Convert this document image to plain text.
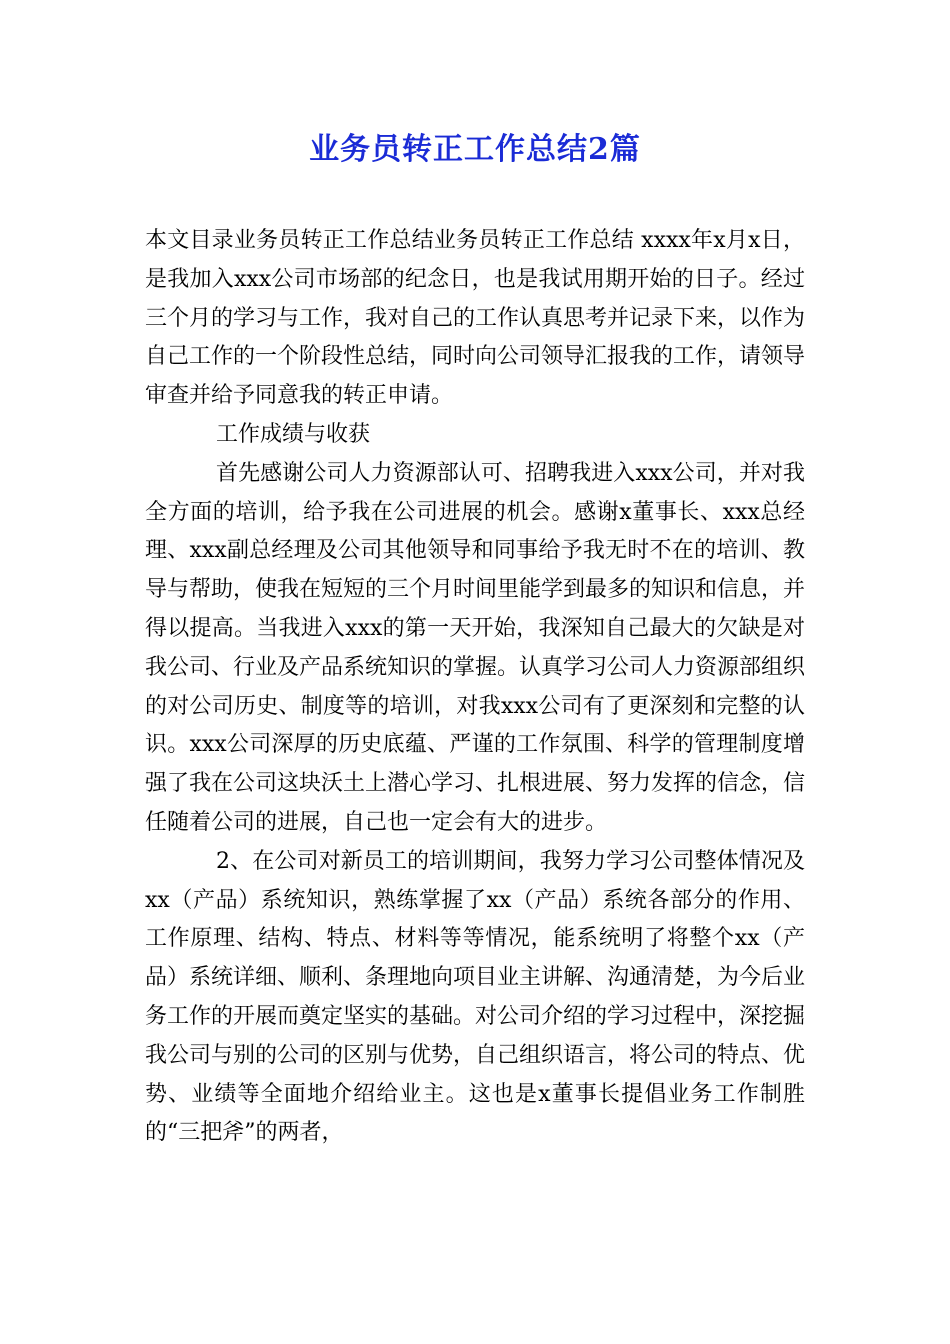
业务员转正工作总结2篇

本文目录业务员转正工作总结业务员转正工作总结 xxxx年x月x日，是我加入xxx公司市场部的纪念日，也是我试用期开始的日子。经过三个月的学习与工作，我对自己的工作认真思考并记录下来，以作为自己工作的一个阶段性总结，同时向公司领导汇报我的工作，请领导审查并给予同意我的转正申请。

工作成绩与收获

首先感谢公司人力资源部认可、招聘我进入xxx公司，并对我全方面的培训，给予我在公司进展的机会。感谢x董事长、xxx总经理、xxx副总经理及公司其他领导和同事给予我无时不在的培训、教导与帮助，使我在短短的三个月时间里能学到最多的知识和信息，并得以提高。当我进入xxx的第一天开始，我深知自己最大的欠缺是对我公司、行业及产品系统知识的掌握。认真学习公司人力资源部组织的对公司历史、制度等的培训，对我xxx公司有了更深刻和完整的认识。xxx公司深厚的历史底蕴、严谨的工作氛围、科学的管理制度增强了我在公司这块沃土上潜心学习、扎根进展、努力发挥的信念，信任随着公司的进展，自己也一定会有大的进步。

2、在公司对新员工的培训期间，我努力学习公司整体情况及xx（产品）系统知识，熟练掌握了xx（产品）系统各部分的作用、工作原理、结构、特点、材料等等情况，能系统明了将整个xx（产品）系统详细、顺利、条理地向项目业主讲解、沟通清楚，为今后业务工作的开展而奠定坚实的基础。对公司介绍的学习过程中，深挖掘我公司与别的公司的区别与优势，自己组织语言，将公司的特点、优势、业绩等全面地介绍给业主。这也是x董事长提倡业务工作制胜的“三把斧”的两者，
